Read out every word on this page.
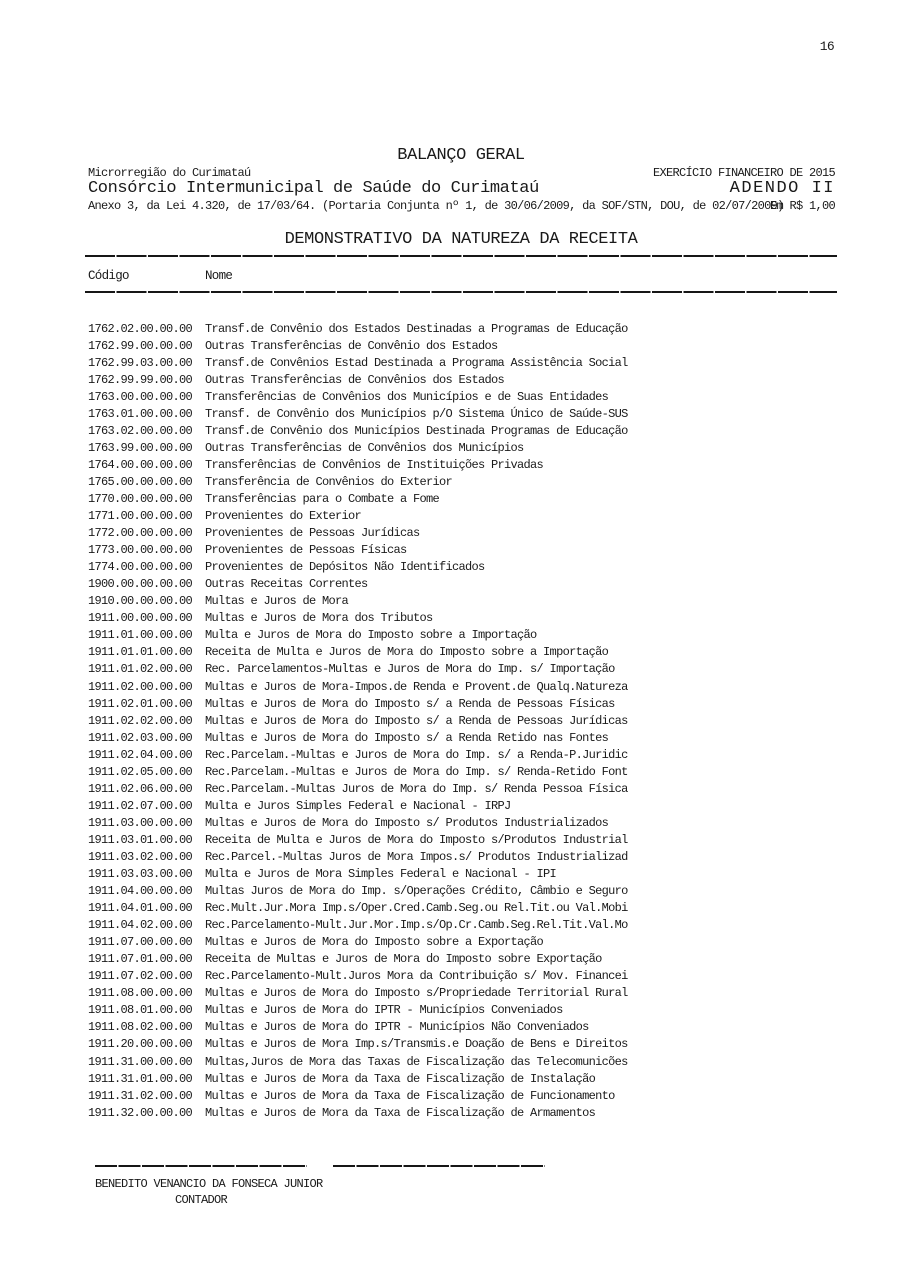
16
BALANÇO GERAL
Microrregião do Curimataú	EXERCÍCIO FINANCEIRO DE 2015
Consórcio Intermunicipal de Saúde do Curimataú	ADENDO II
Anexo 3, da Lei 4.320, de 17/03/64. (Portaria Conjunta nº 1, de 30/06/2009, da SOF/STN, DOU, de 02/07/2009)
Em R$ 1,00
DEMONSTRATIVO DA NATUREZA DA RECEITA
Código	Nome
1762.02.00.00.00 Transf.de Convênio dos Estados Destinadas a Programas de Educação
1762.99.00.00.00 Outras Transferências de Convênio dos Estados
1762.99.03.00.00 Transf.de Convênios Estad Destinada a Programa Assistência Social
1762.99.99.00.00 Outras Transferências de Convênios dos Estados
1763.00.00.00.00 Transferências de Convênios dos Municípios e de Suas Entidades
1763.01.00.00.00 Transf. de Convênio dos Municípios p/O Sistema Único de Saúde-SUS
1763.02.00.00.00 Transf.de Convênio dos Municípios Destinada Programas de Educação
1763.99.00.00.00 Outras Transferências de Convênios dos Municípios
1764.00.00.00.00 Transferências de Convênios de Instituições Privadas
1765.00.00.00.00 Transferência de Convênios do Exterior
1770.00.00.00.00 Transferências para o Combate a Fome
1771.00.00.00.00 Provenientes do Exterior
1772.00.00.00.00 Provenientes de Pessoas Jurídicas
1773.00.00.00.00 Provenientes de Pessoas Físicas
1774.00.00.00.00 Provenientes de Depósitos Não Identificados
1900.00.00.00.00 Outras Receitas Correntes
1910.00.00.00.00 Multas e Juros de Mora
1911.00.00.00.00 Multas e Juros de Mora dos Tributos
1911.01.00.00.00 Multa e Juros de Mora do Imposto sobre a Importação
1911.01.01.00.00 Receita de Multa e Juros de Mora do Imposto sobre a Importação
1911.01.02.00.00 Rec. Parcelamentos-Multas e Juros de Mora do Imp. s/ Importação
1911.02.00.00.00 Multas e Juros de Mora-Impos.de Renda e Provent.de Qualq.Natureza
1911.02.01.00.00 Multas e Juros de Mora do Imposto s/ a Renda de Pessoas Físicas
1911.02.02.00.00 Multas e Juros de Mora do Imposto s/ a Renda de Pessoas Jurídicas
1911.02.03.00.00 Multas e Juros de Mora do Imposto s/ a Renda Retido nas Fontes
1911.02.04.00.00 Rec.Parcelam.-Multas e Juros de Mora do Imp. s/ a Renda-P.Juridic
1911.02.05.00.00 Rec.Parcelam.-Multas e Juros de Mora do Imp. s/ Renda-Retido Font
1911.02.06.00.00 Rec.Parcelam.-Multas Juros de Mora do Imp. s/ Renda Pessoa Física
1911.02.07.00.00 Multa e Juros Simples Federal e Nacional - IRPJ
1911.03.00.00.00 Multas e Juros de Mora do Imposto s/ Produtos Industrializados
1911.03.01.00.00 Receita de Multa e Juros de Mora do Imposto s/Produtos Industrial
1911.03.02.00.00 Rec.Parcel.-Multas Juros de Mora Impos.s/ Produtos Industrializad
1911.03.03.00.00 Multa e Juros de Mora Simples Federal e Nacional - IPI
1911.04.00.00.00 Multas Juros de Mora do Imp. s/Operações Crédito, Câmbio e Seguro
1911.04.01.00.00 Rec.Mult.Jur.Mora Imp.s/Oper.Cred.Camb.Seg.ou Rel.Tit.ou Val.Mobi
1911.04.02.00.00 Rec.Parcelamento-Mult.Jur.Mor.Imp.s/Op.Cr.Camb.Seg.Rel.Tit.Val.Mo
1911.07.00.00.00 Multas e Juros de Mora do Imposto sobre a Exportação
1911.07.01.00.00 Receita de Multas e Juros de Mora do Imposto sobre Exportação
1911.07.02.00.00 Rec.Parcelamento-Mult.Juros Mora da Contribuição s/ Mov. Financei
1911.08.00.00.00 Multas e Juros de Mora do Imposto s/Propriedade Territorial Rural
1911.08.01.00.00 Multas e Juros de Mora do IPTR - Municípios Conveniados
1911.08.02.00.00 Multas e Juros de Mora do IPTR - Municípios Não Conveniados
1911.20.00.00.00 Multas e Juros de Mora Imp.s/Transmis.e Doação de Bens e Direitos
1911.31.00.00.00 Multas,Juros de Mora das Taxas de Fiscalização das Telecomunicões
1911.31.01.00.00 Multas e Juros de Mora da Taxa de Fiscalização de Instalação
1911.31.02.00.00 Multas e Juros de Mora da Taxa de Fiscalização de Funcionamento
1911.32.00.00.00 Multas e Juros de Mora da Taxa de Fiscalização de Armamentos
BENEDITO VENANCIO DA FONSECA JUNIOR
CONTADOR
